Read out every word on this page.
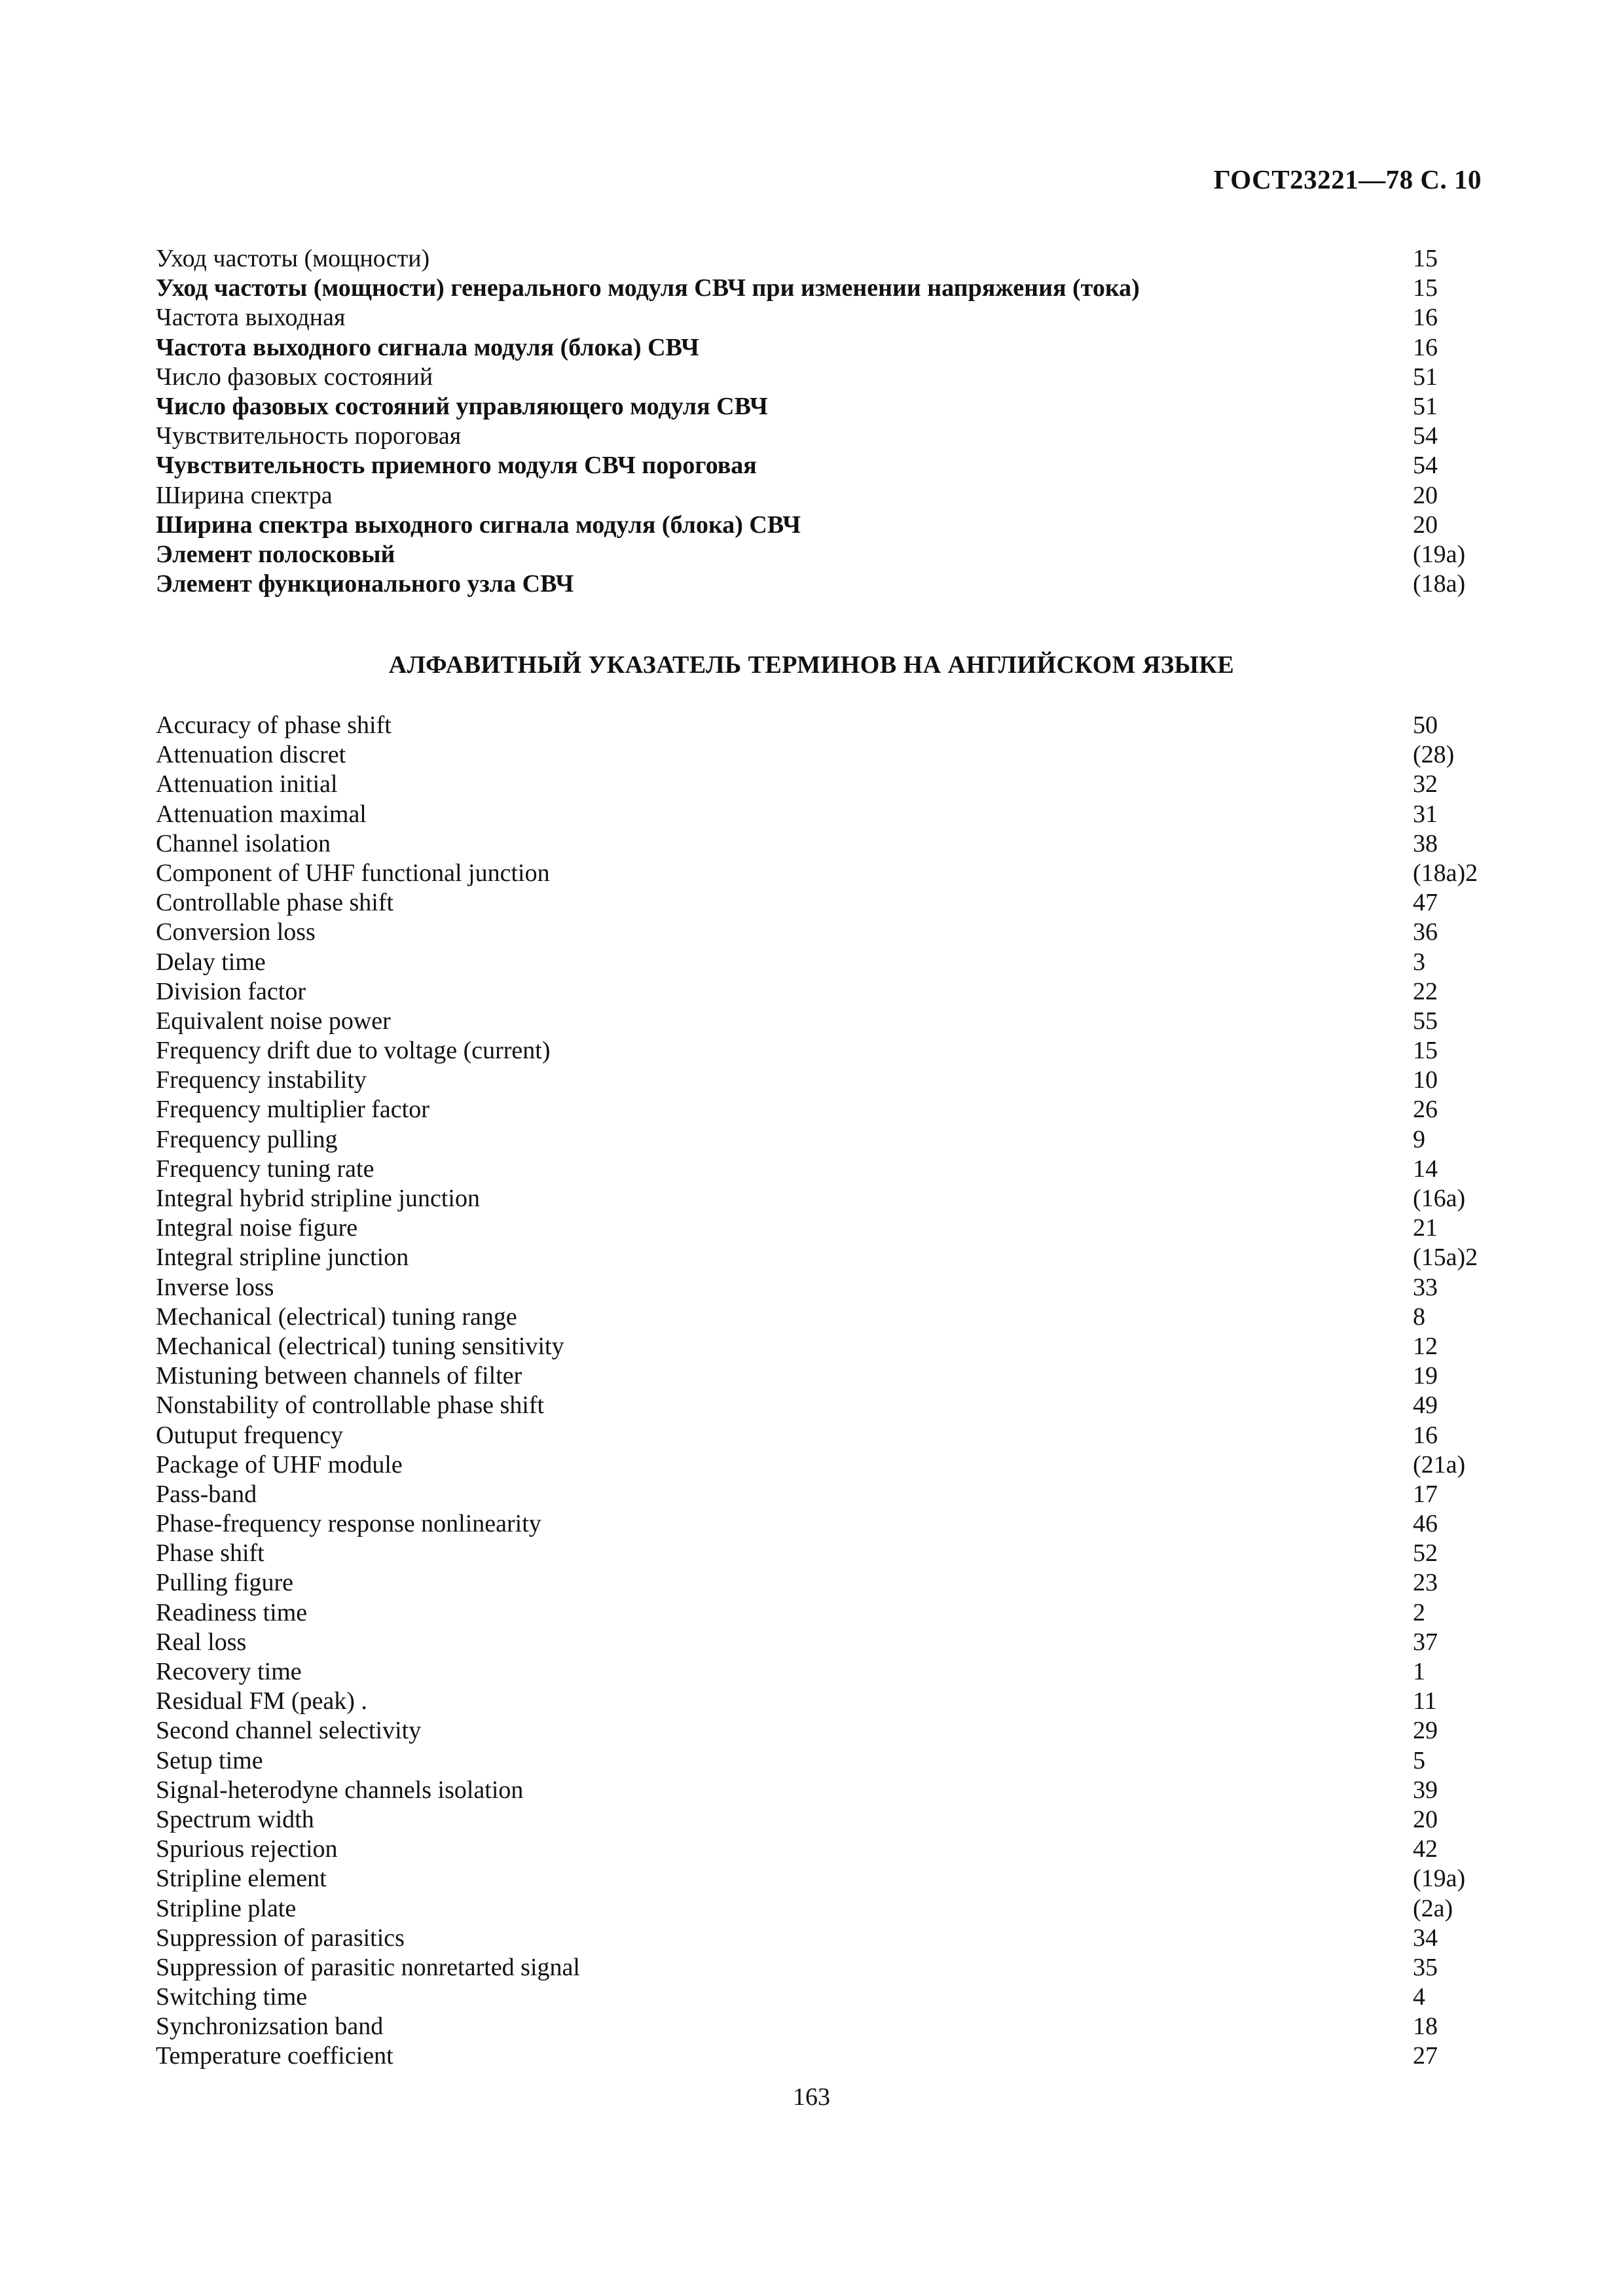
ГОСТ23221—78 С. 10
Уход частоты (мощности)	15
Уход частоты (мощности) генерального модуля СВЧ при изменении напряжения (тока)	15
Частота выходная	16
Частота выходного сигнала модуля (блока) СВЧ	16
Число фазовых состояний	51
Число фазовых состояний управляющего модуля СВЧ	51
Чувствительность пороговая	54
Чувствительность приемного модуля СВЧ пороговая	54
Ширина спектра	20
Ширина спектра выходного сигнала модуля (блока) СВЧ	20
Элемент полосковый	(19а)
Элемент функционального узла СВЧ	(18а)
АЛФАВИТНЫЙ УКАЗАТЕЛЬ ТЕРМИНОВ НА АНГЛИЙСКОМ ЯЗЫКЕ
Accuracy of phase shift	50
Attenuation discret	(28)
Attenuation initial	32
Attenuation maximal	31
Channel isolation	38
Component of UHF functional junction	(18a)2
Controllable phase shift	47
Conversion loss	36
Delay time	3
Division factor	22
Equivalent noise power	55
Frequency drift due to voltage (current)	15
Frequency instability	10
Frequency multiplier factor	26
Frequency pulling	9
Frequency tuning rate	14
Integral hybrid stripline junction	(16a)
Integral noise figure	21
Integral stripline junction	(15a)2
Inverse loss	33
Mechanical (electrical) tuning range	8
Mechanical (electrical) tuning sensitivity	12
Mistuning between channels of filter	19
Nonstability of controllable phase shift	49
Outuput frequency	16
Package of UHF module	(21a)
Pass-band	17
Phase-frequency response nonlinearity	46
Phase shift	52
Pulling figure	23
Readiness time	2
Real loss	37
Recovery time	1
Residual FM (peak) .	11
Second channel selectivity	29
Setup time	5
Signal-heterodyne channels isolation	39
Spectrum width	20
Spurious rejection	42
Stripline element	(19a)
Stripline plate	(2a)
Suppression of parasitics	34
Suppression of parasitic nonretarted signal	35
Switching time	4
Synchronizsation band	18
Temperature coefficient	27
163
